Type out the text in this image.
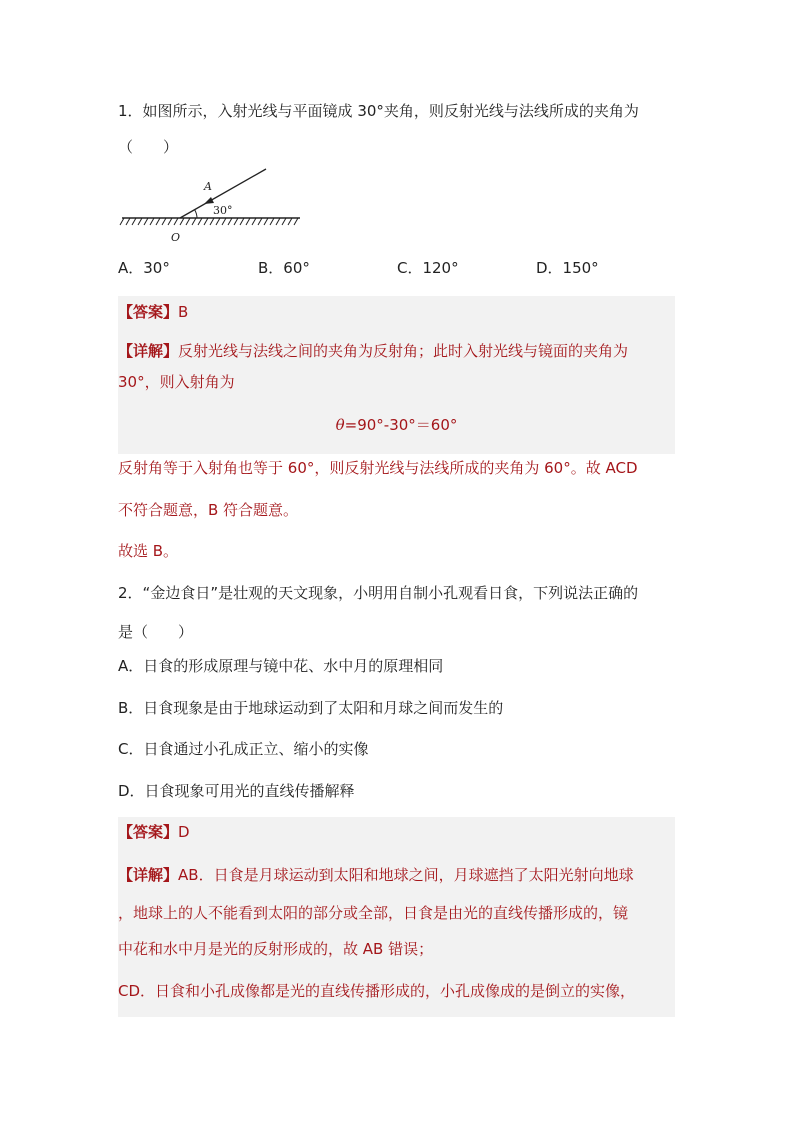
1．如图所示，入射光线与平面镜成 30°夹角，则反射光线与法线所成的夹角为
（　　）
A
30°
O
A．30°	B．60°	C．120°	D．150°
【答案】B
【详解】反射光线与法线之间的夹角为反射角；此时入射光线与镜面的夹角为
30°，则入射角为
θ=90°-30°＝60°
反射角等于入射角也等于 60°，则反射光线与法线所成的夹角为 60°。故 ACD
不符合题意，B 符合题意。
故选 B。
2．“金边食日”是壮观的天文现象，小明用自制小孔观看日食，下列说法正确的
是（　　）
A．日食的形成原理与镜中花、水中月的原理相同
B．日食现象是由于地球运动到了太阳和月球之间而发生的
C．日食通过小孔成正立、缩小的实像
D．日食现象可用光的直线传播解释
【答案】D
【详解】AB．日食是月球运动到太阳和地球之间，月球遮挡了太阳光射向地球
，地球上的人不能看到太阳的部分或全部，日食是由光的直线传播形成的，镜
中花和水中月是光的反射形成的，故 AB 错误；
CD．日食和小孔成像都是光的直线传播形成的，小孔成像成的是倒立的实像，
